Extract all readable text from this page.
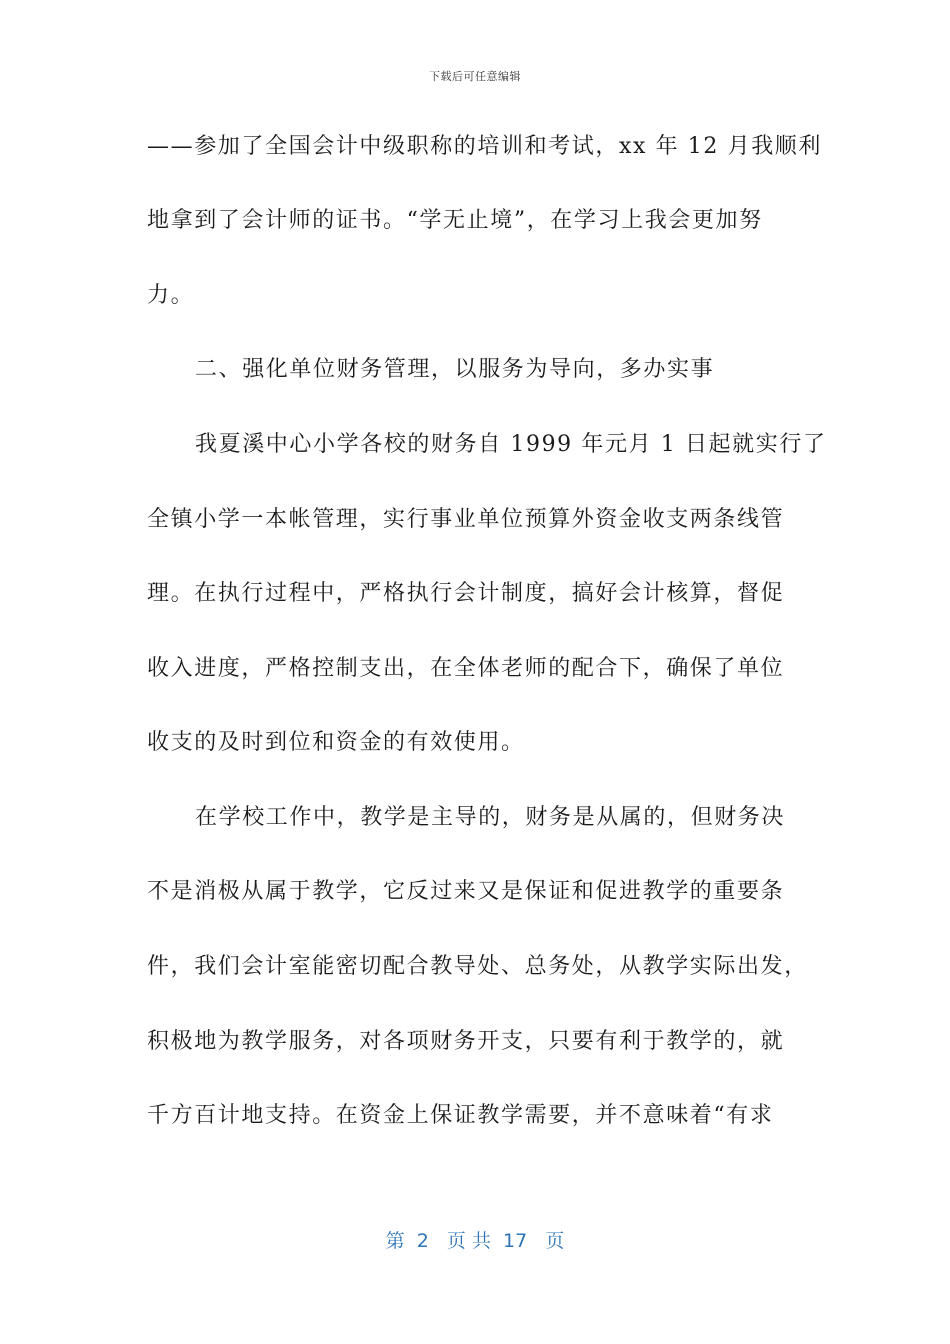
下载后可任意编辑
——参加了全国会计中级职称的培训和考试，xx 年 12 月我顺利
地拿到了会计师的证书。“学无止境”，在学习上我会更加努
力。
二、强化单位财务管理，以服务为导向，多办实事
我夏溪中心小学各校的财务自 1999 年元月 1 日起就实行了
全镇小学一本帐管理，实行事业单位预算外资金收支两条线管
理。在执行过程中，严格执行会计制度，搞好会计核算，督促
收入进度，严格控制支出，在全体老师的配合下，确保了单位
收支的及时到位和资金的有效使用。
在学校工作中，教学是主导的，财务是从属的，但财务决
不是消极从属于教学，它反过来又是保证和促进教学的重要条
件，我们会计室能密切配合教导处、总务处，从教学实际出发，
积极地为教学服务，对各项财务开支，只要有利于教学的，就
千方百计地支持。在资金上保证教学需要，并不意味着“有求
第  2   页 共  17   页
